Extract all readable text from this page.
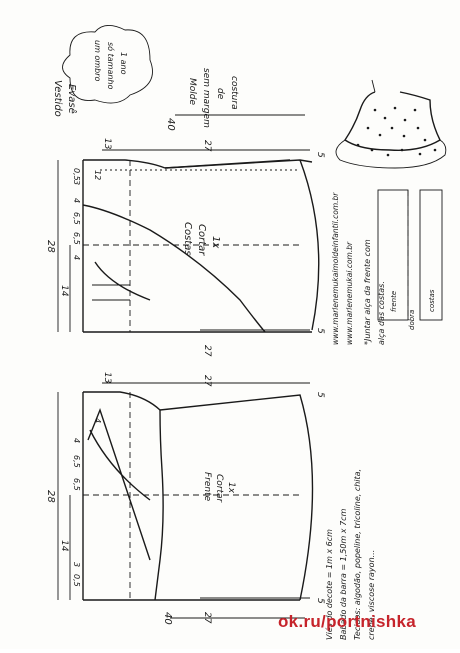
Vestido Evasê
um ombro só tamanho 1 ano
Molde sem margem de costura
Costas Cortar 1x
Frente Cortar 1x
40
28
14
13	27
27
5
5
6,5
6,5
4
4
3
0,5 12
40
28
14
13	27
27
5
5
6,5
6,5
4
4
3
0,5
www.marlenemukaimoldeinfantil.com.br www.marlenemukai.com.br *Juntar alça da frente com alça das costas. frente	costas
dobra
Viés do decote = 1m x 6cm Babado da barra = 1,50m x 7cm Tecidos: algodão, popeline, tricoline, chita, crepe, viscose rayon...
ok.ru/portnishka
